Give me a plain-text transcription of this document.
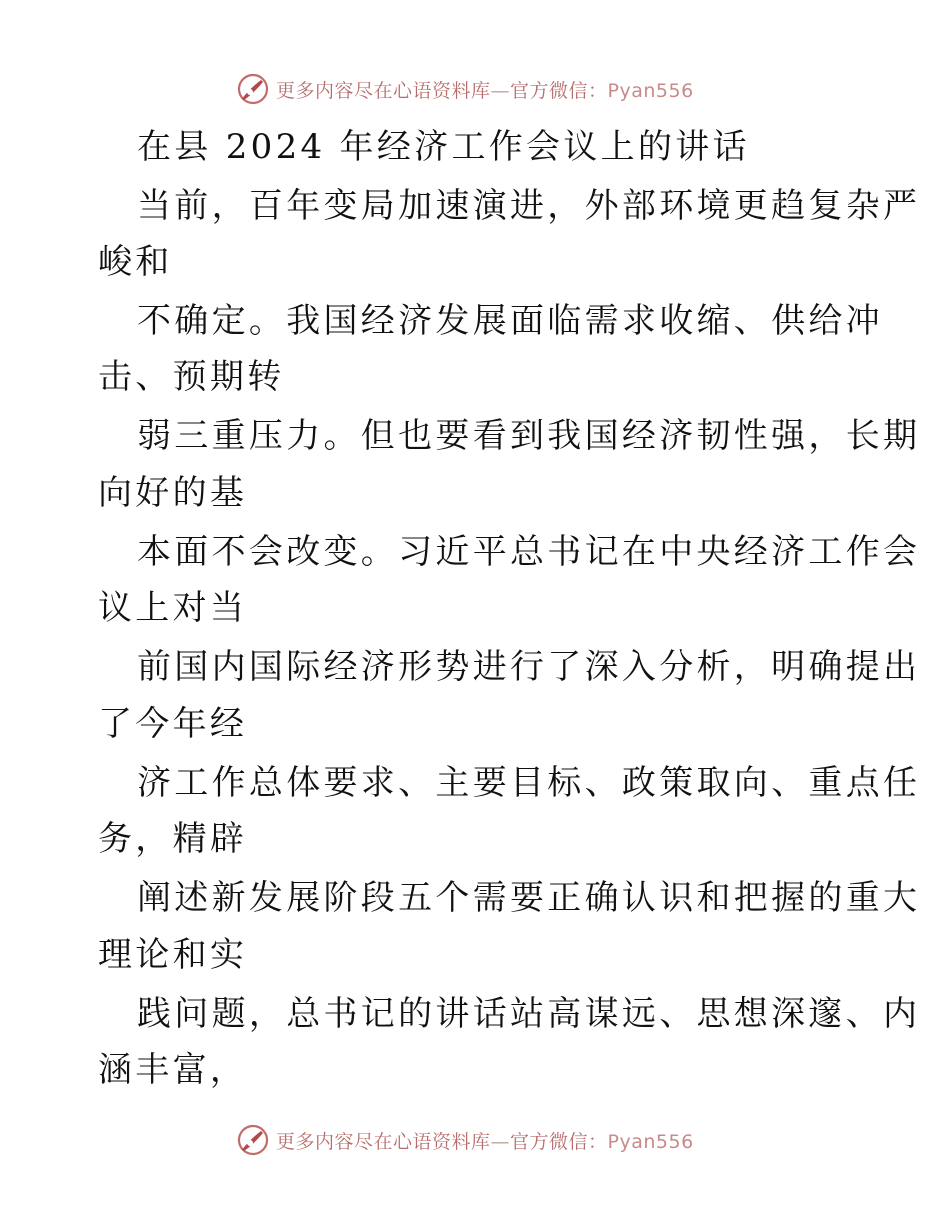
更多内容尽在心语资料库—官方微信：Pyan556

在县 2024 年经济工作会议上的讲话

当前，百年变局加速演进，外部环境更趋复杂严

峻和

不确定。我国经济发展面临需求收缩、供给冲

击、预期转

弱三重压力。但也要看到我国经济韧性强，长期

向好的基

本面不会改变。习近平总书记在中央经济工作会

议上对当

前国内国际经济形势进行了深入分析，明确提出

了今年经

济工作总体要求、主要目标、政策取向、重点任

务，精辟

阐述新发展阶段五个需要正确认识和把握的重大

理论和实

践问题，总书记的讲话站高谋远、思想深邃、内

涵丰富，

更多内容尽在心语资料库—官方微信：Pyan556
